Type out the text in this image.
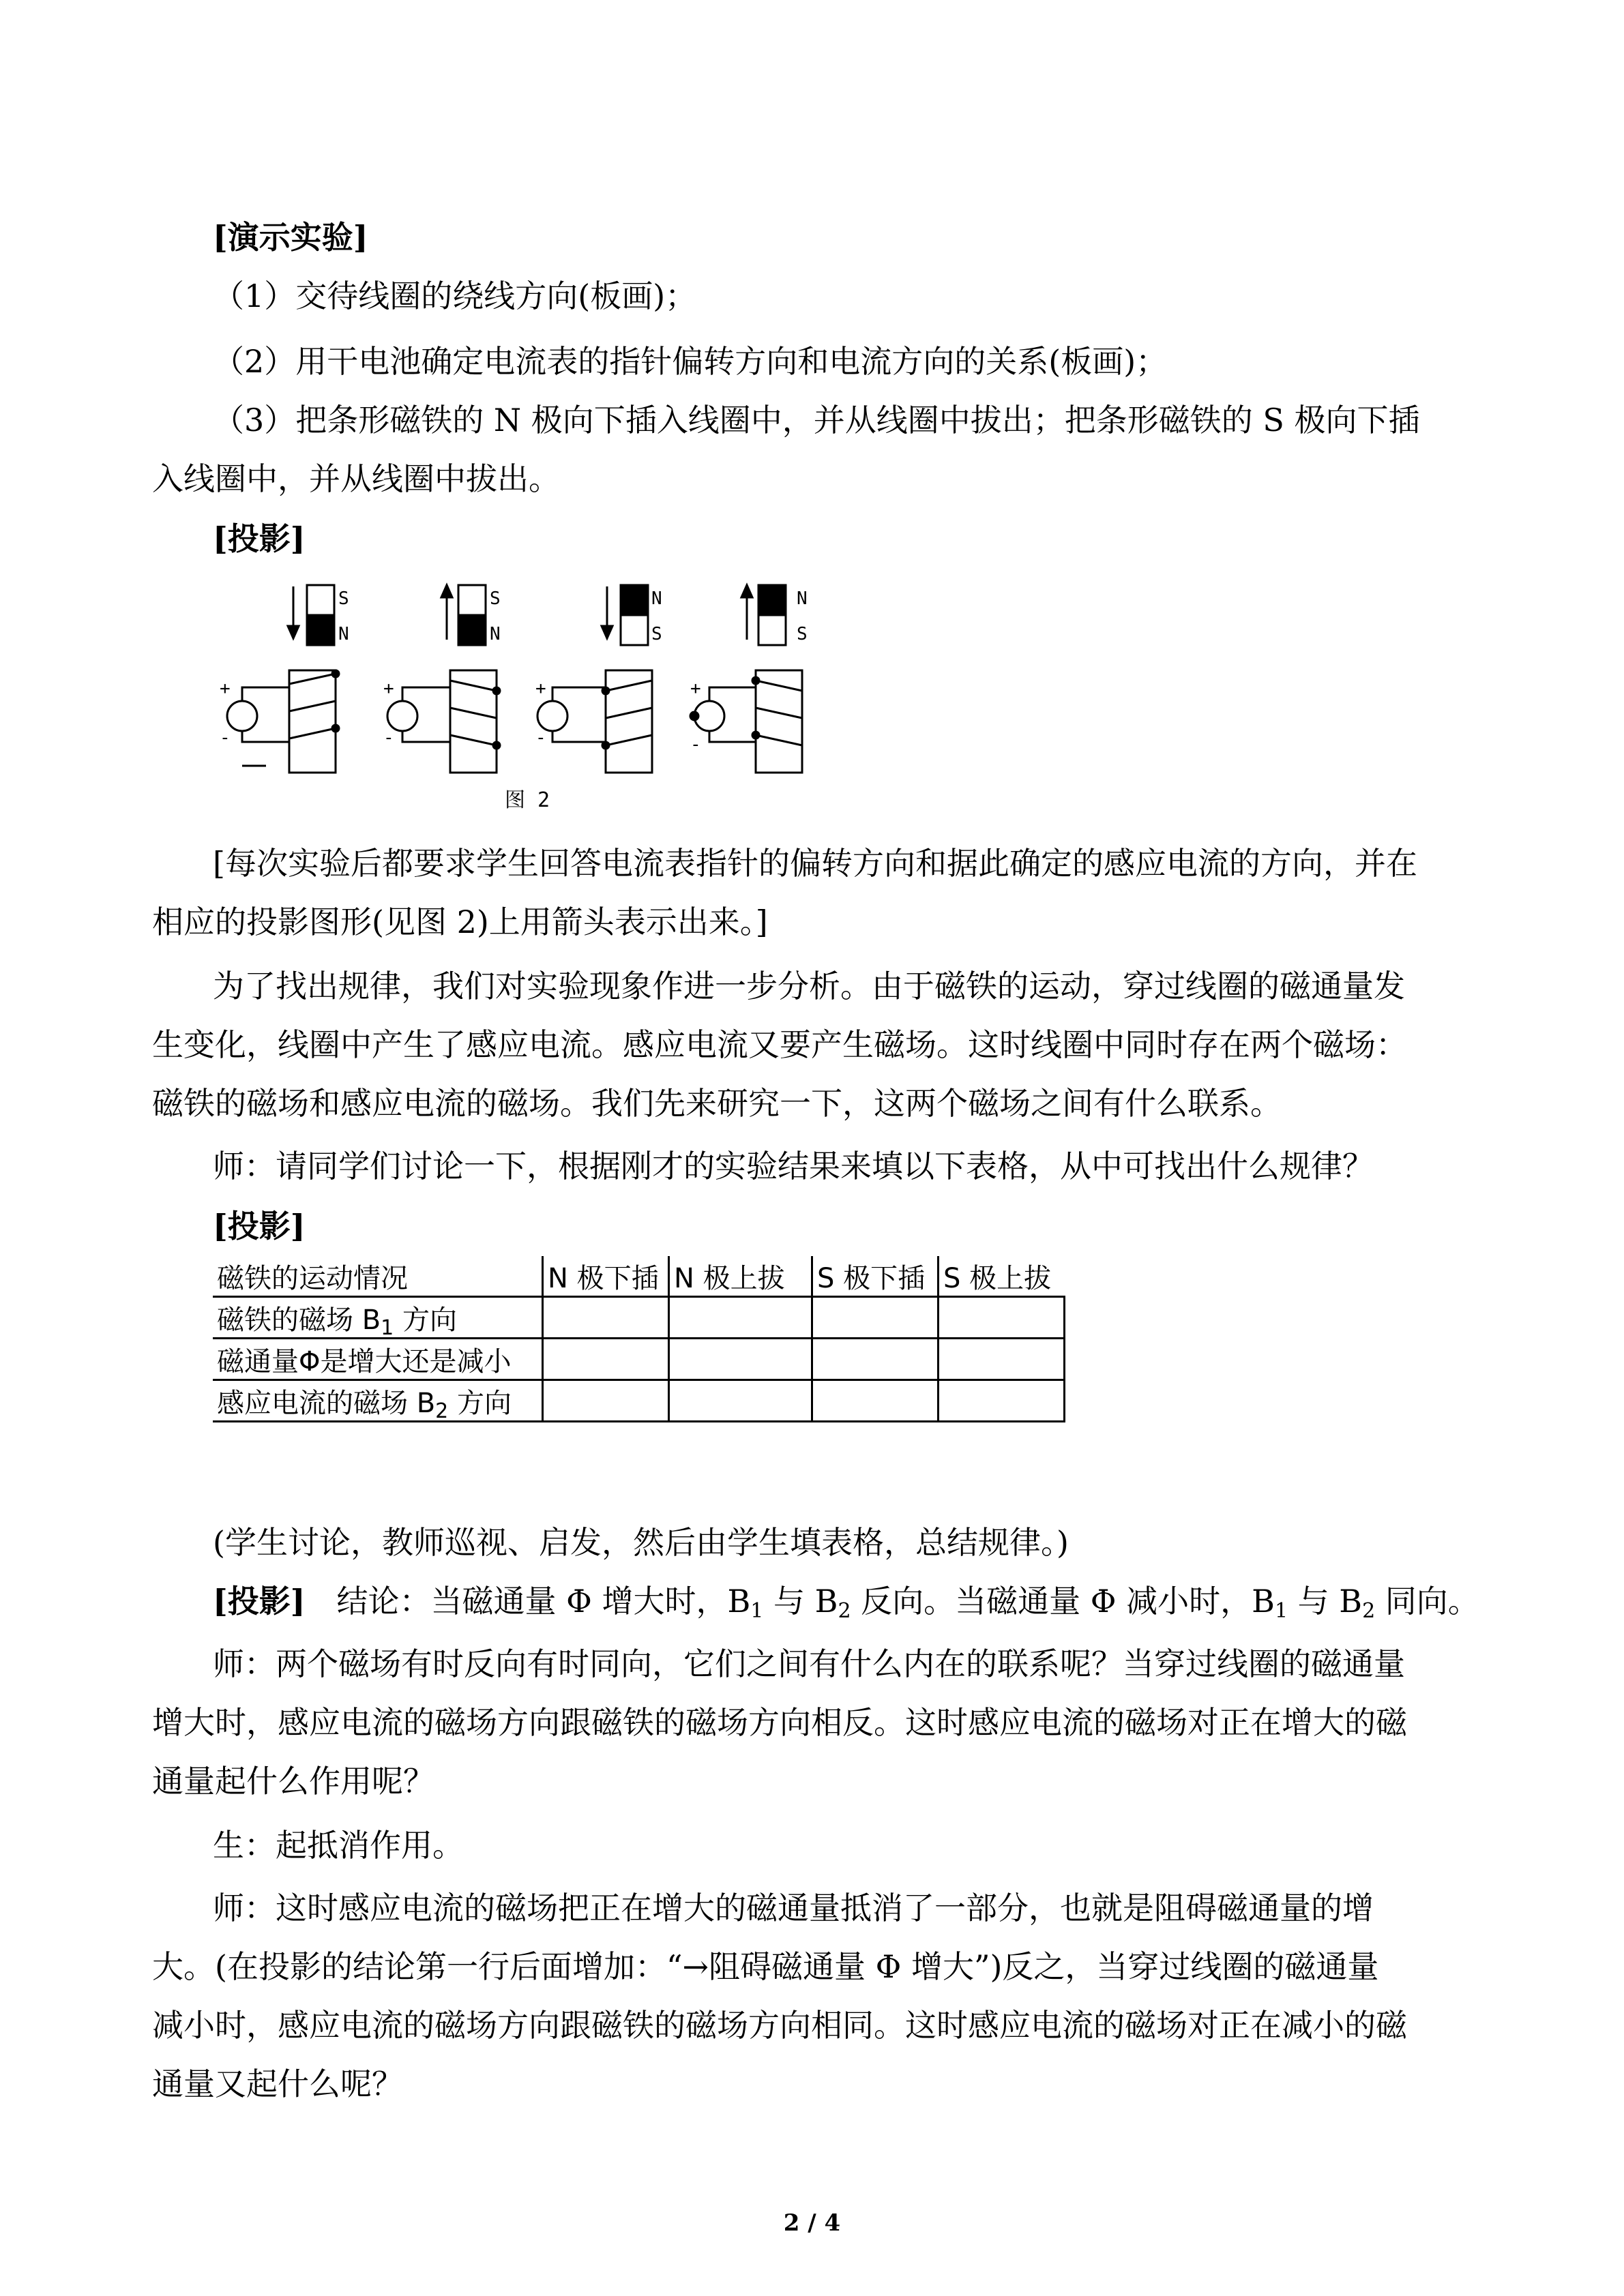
[演示实验]
（1）交待线圈的绕线方向(板画)；
（2）用干电池确定电流表的指针偏转方向和电流方向的关系(板画)；
（3）把条形磁铁的 N 极向下插入线圈中，并从线圈中拔出；把条形磁铁的 S 极向下插
入线圈中，并从线圈中拔出。
[投影]
S
N
+
-
S
N
+
-
N
S
+
-
N
S
+
-
图 2
[每次实验后都要求学生回答电流表指针的偏转方向和据此确定的感应电流的方向，并在
相应的投影图形(见图 2)上用箭头表示出来。]
为了找出规律，我们对实验现象作进一步分析。由于磁铁的运动，穿过线圈的磁通量发
生变化，线圈中产生了感应电流。感应电流又要产生磁场。这时线圈中同时存在两个磁场：
磁铁的磁场和感应电流的磁场。我们先来研究一下，这两个磁场之间有什么联系。
师：请同学们讨论一下，根据刚才的实验结果来填以下表格，从中可找出什么规律？
[投影]
磁铁的运动情况	N 极下插	N 极上拔	S 极下插	S 极上拔
磁铁的磁场 $B_1$ 方向				
磁通量Φ是增大还是减小				
感应电流的磁场 $B_2$ 方向				
(学生讨论，教师巡视、启发，然后由学生填表格，总结规律。)
[投影]　结论：当磁通量 Φ 增大时，$B_1$ 与 $B_2$ 反向。当磁通量 Φ 减小时，$B_1$ 与 $B_2$ 同向。
师：两个磁场有时反向有时同向，它们之间有什么内在的联系呢？当穿过线圈的磁通量
增大时，感应电流的磁场方向跟磁铁的磁场方向相反。这时感应电流的磁场对正在增大的磁
通量起什么作用呢？
生：起抵消作用。
师：这时感应电流的磁场把正在增大的磁通量抵消了一部分，也就是阻碍磁通量的增
大。(在投影的结论第一行后面增加：“→阻碍磁通量 Φ 增大”)反之，当穿过线圈的磁通量
减小时，感应电流的磁场方向跟磁铁的磁场方向相同。这时感应电流的磁场对正在减小的磁
通量又起什么呢？
2 / 4
